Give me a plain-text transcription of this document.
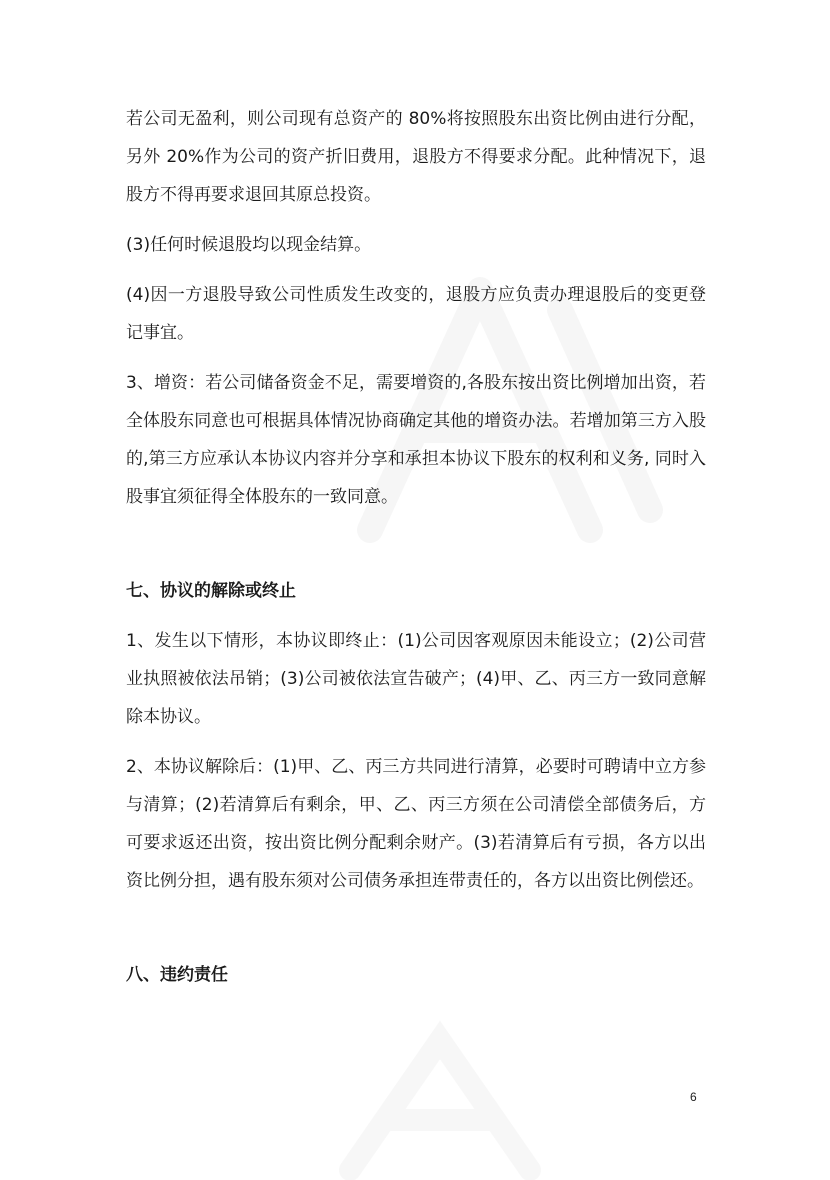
若公司无盈利，则公司现有总资产的 80%将按照股东出资比例由进行分配，另外 20%作为公司的资产折旧费用，退股方不得要求分配。此种情况下，退股方不得再要求退回其原总投资。

(3)任何时候退股均以现金结算。

(4)因一方退股导致公司性质发生改变的，退股方应负责办理退股后的变更登记事宜。

3、增资：若公司储备资金不足，需要增资的,各股东按出资比例增加出资，若全体股东同意也可根据具体情况协商确定其他的增资办法。若增加第三方入股的,第三方应承认本协议内容并分享和承担本协议下股东的权利和义务, 同时入股事宜须征得全体股东的一致同意。

七、协议的解除或终止

1、发生以下情形，本协议即终止：(1)公司因客观原因未能设立；(2)公司营业执照被依法吊销；(3)公司被依法宣告破产；(4)甲、乙、丙三方一致同意解除本协议。

2、本协议解除后：(1)甲、乙、丙三方共同进行清算，必要时可聘请中立方参与清算；(2)若清算后有剩余，甲、乙、丙三方须在公司清偿全部债务后，方可要求返还出资，按出资比例分配剩余财产。(3)若清算后有亏损，各方以出资比例分担，遇有股东须对公司债务承担连带责任的，各方以出资比例偿还。

八、违约责任
6
